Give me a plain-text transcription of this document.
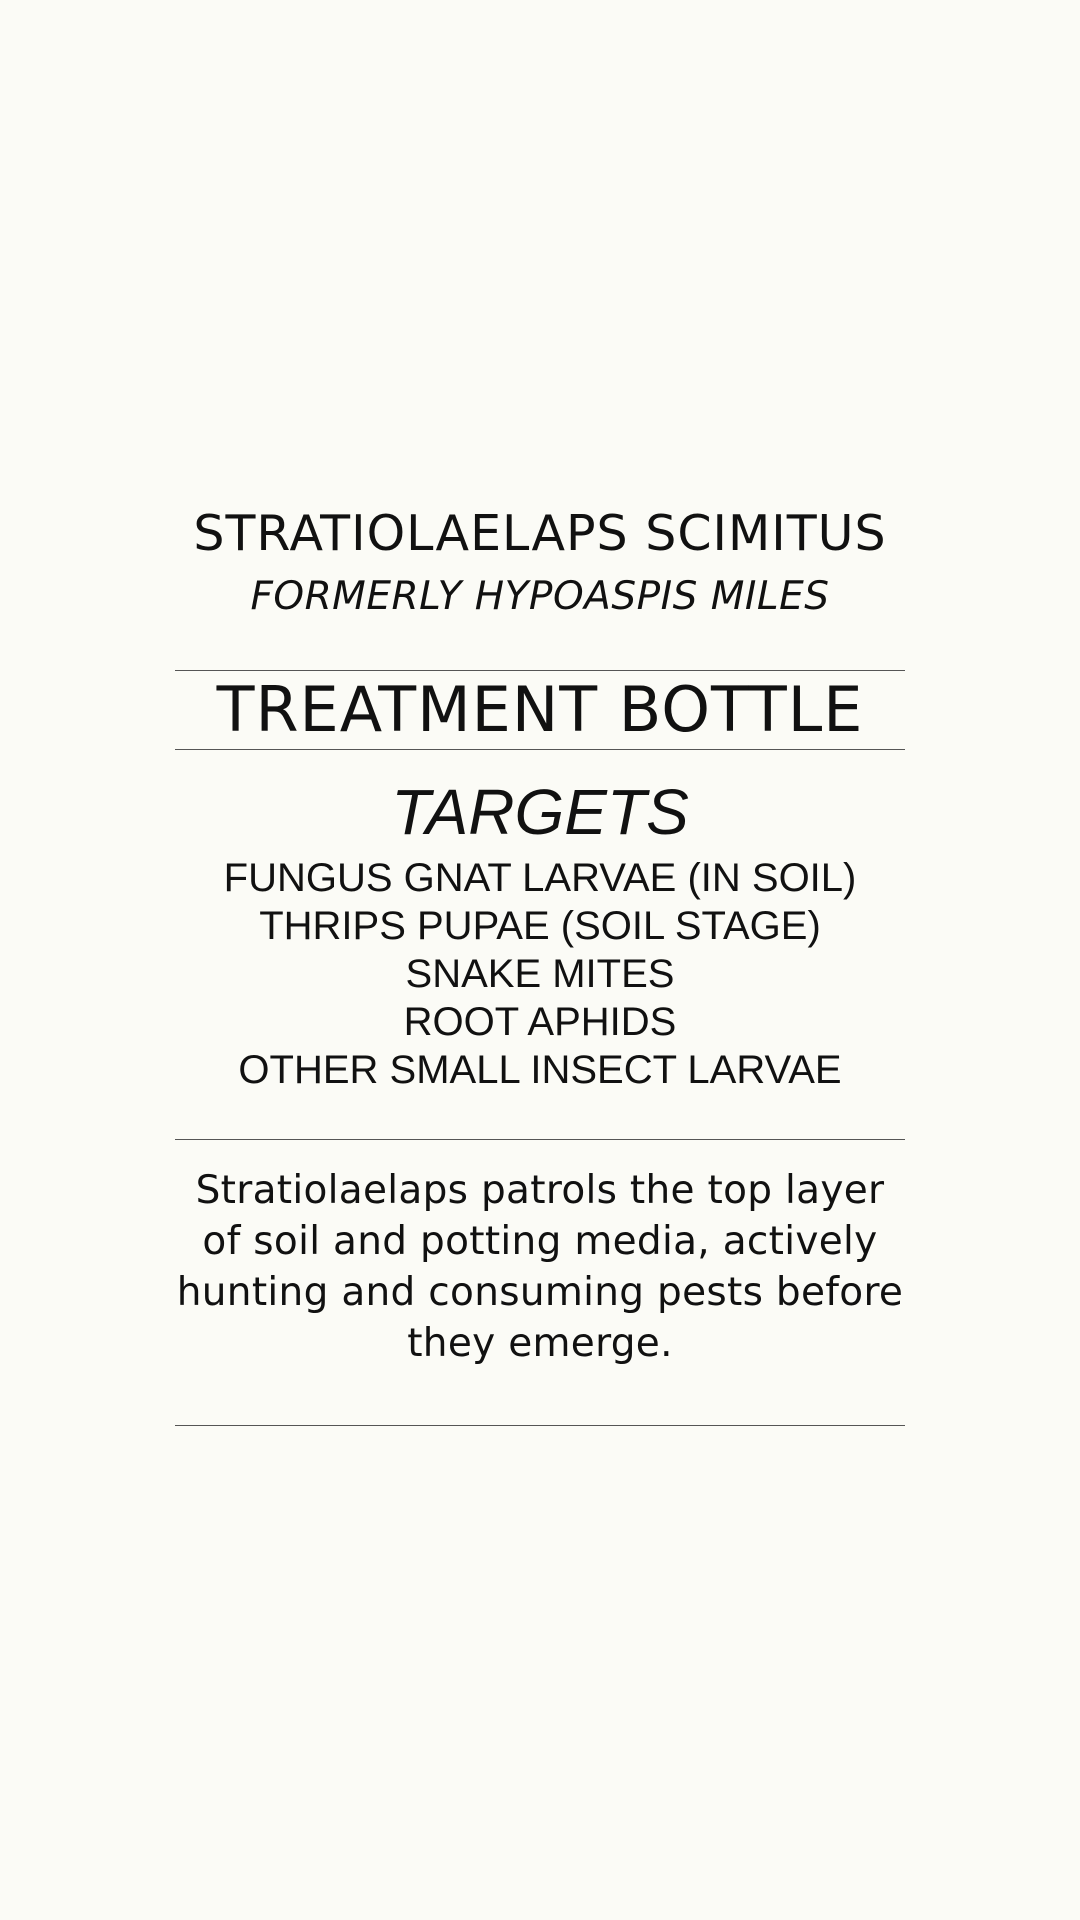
STRATIOLAELAPS SCIMITUS
FORMERLY HYPOASPIS MILES
TREATMENT BOTTLE
TARGETS
FUNGUS GNAT LARVAE (IN SOIL)
THRIPS PUPAE (SOIL STAGE)
SNAKE MITES
ROOT APHIDS
OTHER SMALL INSECT LARVAE
Stratiolaelaps patrols the top layer of soil and potting media, actively hunting and consuming pests before they emerge.
